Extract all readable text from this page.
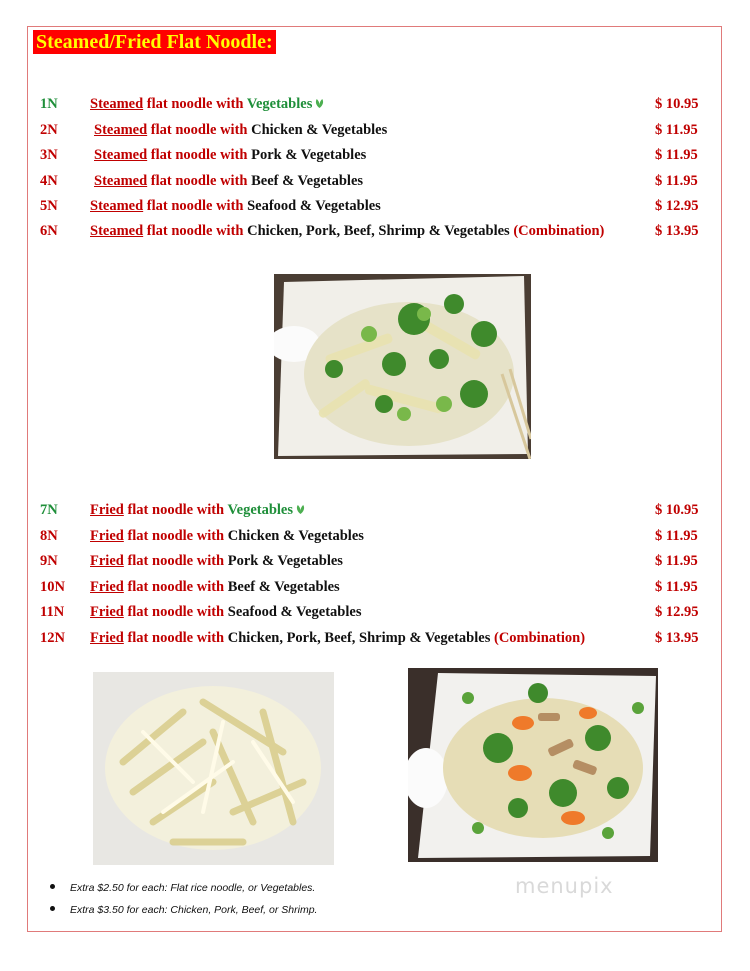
Steamed/Fried Flat Noodle:
1N Steamed flat noodle with Vegetables	$ 10.95
2N	Steamed flat noodle with Chicken & Vegetables	$ 11.95
3N	Steamed flat noodle with Pork & Vegetables	$ 11.95
4N	Steamed flat noodle with Beef & Vegetables	$ 11.95
5N Steamed flat noodle with Seafood & Vegetables	$ 12.95
6N Steamed flat noodle with Chicken, Pork, Beef, Shrimp & Vegetables (Combination)	$ 13.95
7N Fried flat noodle with Vegetables	$ 10.95
8N Fried flat noodle with Chicken & Vegetables	$ 11.95
9N Fried flat noodle with Pork & Vegetables	$ 11.95
10N Fried flat noodle with Beef & Vegetables	$ 11.95
11N Fried flat noodle with Seafood & Vegetables	$ 12.95
12N Fried flat noodle with Chicken, Pork, Beef, Shrimp & Vegetables (Combination)	$ 13.95
Extra $2.50 for each: Flat rice noodle, or Vegetables.
Extra $3.50 for each: Chicken, Pork, Beef, or Shrimp.
menupix
